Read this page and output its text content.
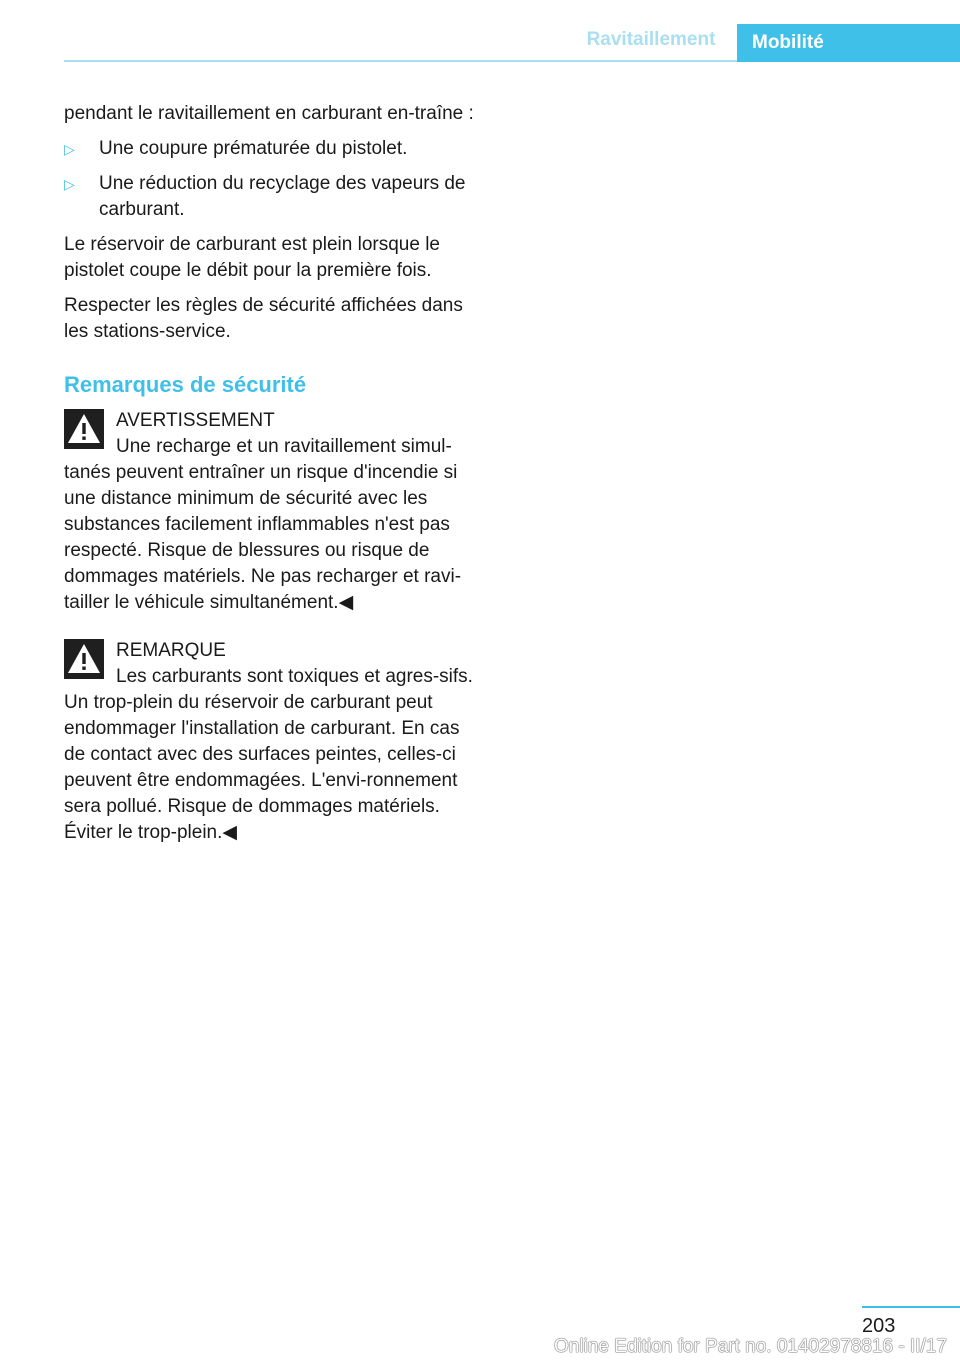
Ravitaillement	Mobilité

pendant le ravitaillement en carburant en-traîne :

▷ Une coupure prématurée du pistolet.
▷ Une réduction du recyclage des vapeurs de carburant.

Le réservoir de carburant est plein lorsque le pistolet coupe le débit pour la première fois.

Respecter les règles de sécurité affichées dans les stations-service.

Remarques de sécurité
AVERTISSEMENT

Une recharge et un ravitaillement simul-tanés peuvent entraîner un risque d'incendie si une distance minimum de sécurité avec les substances facilement inflammables n'est pas respecté. Risque de blessures ou risque de dommages matériels. Ne pas recharger et ravi-tailler le véhicule simultanément.◀

REMARQUE

Les carburants sont toxiques et agres-sifs. Un trop-plein du réservoir de carburant peut endommager l'installation de carburant. En cas de contact avec des surfaces peintes, celles-ci peuvent être endommagées. L'envi-ronnement sera pollué. Risque de dommages matériels. Éviter le trop-plein.◀

203
Online Edition for Part no. 01402978816 - II/17
